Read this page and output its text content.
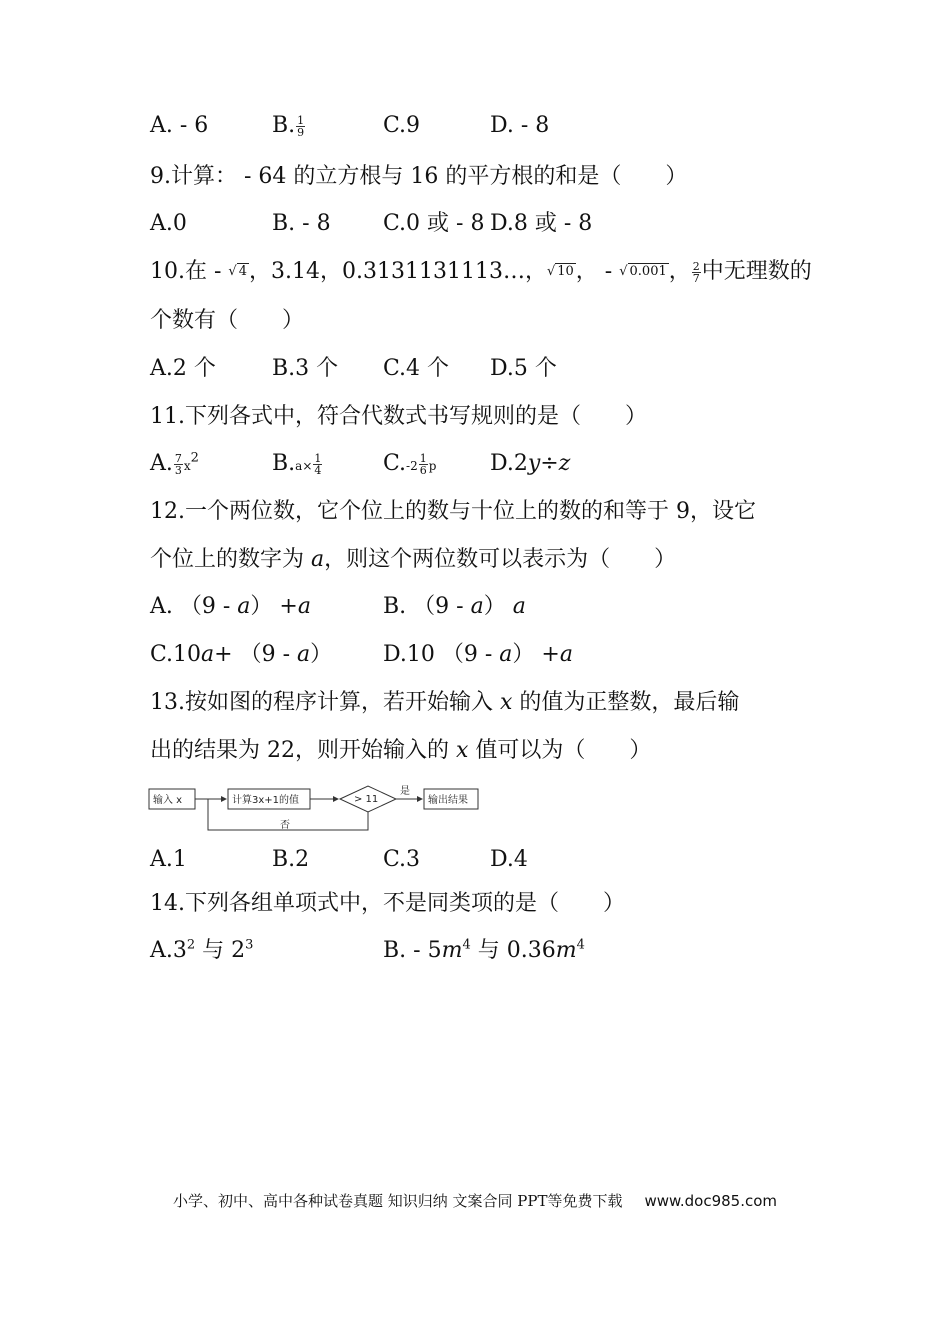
A. - 6	B. $\frac{1}{9}$	C.9	D. - 8
9.计算： - 64 的立方根与 16 的平方根的和是（　　）
A.0	B. - 8 C.0 或 - 8 D.8 或 - 8
10.在 - √ 4，3.14，0.3131131113…，√ 10， - √ 0.001， $\frac{2}{7}$ 中无理数的
个数有（　　）
A.2 个	B.3 个 C.4 个 D.5 个
11.下列各式中，符合代数式书写规则的是（　　）
A. $\frac{7}{3} x^2$	$B.a\times \frac{1}{4}$	$C.-2 \frac{1}{6}$ p D.2y÷z
12.一个两位数，它个位上的数与十位上的数的和等于 9，设它
个位上的数字为 a，则这个两位数可以表示为（　　）
A. （9 - a） +a	B. （9 - a） a
C.10a+ （9 - a） D.10 （9 - a） +a
13.按如图的程序计算，若开始输入 x 的值为正整数，最后输
出的结果为 22，则开始输入的 x 值可以为（　　）
输入 x	计算3x+1的值	> 11
是
输出结果
否
A.1	B.2	C.3	D.4
14.下列各组单项式中，不是同类项的是（　　）
$A.3^2$ 与 $2^3$	B. - $5m^4$ 与 $0.36m^4$
小学、初中、高中各种试卷真题 知识归纳 文案合同 PPT等免费下载 www.doc985.com
